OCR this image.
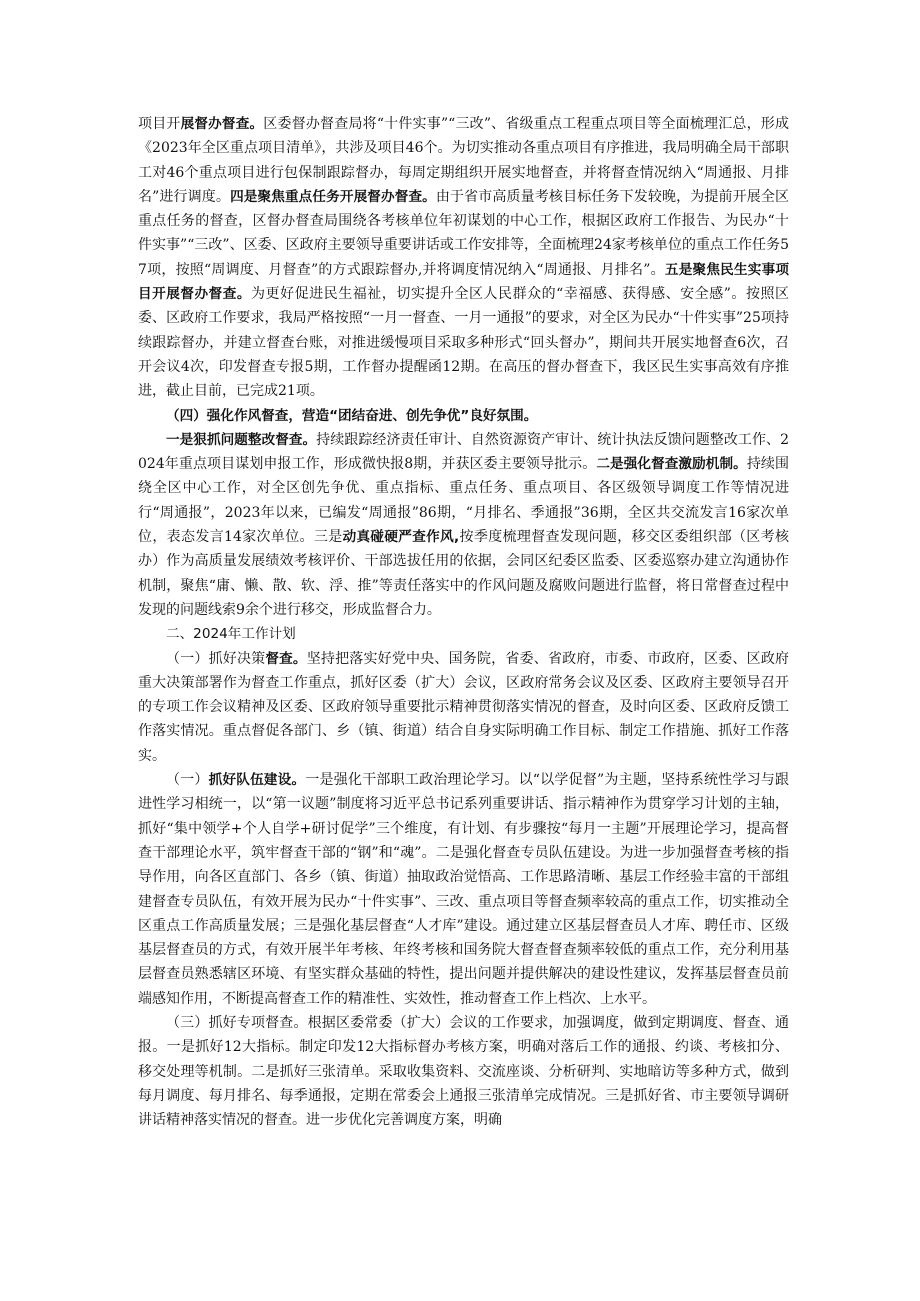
项目开展督办督查。区委督办督查局将“十件实事”“三改”、省级重点工程重点项目等全面梳理汇总，形成《2023年全区重点项目清单》，共涉及项目46个。为切实推动各重点项目有序推进，我局明确全局干部职工对46个重点项目进行包保制跟踪督办，每周定期组织开展实地督查，并将督查情况纳入“周通报、月排名”进行调度。四是聚焦重点任务开展督办督查。由于省市高质量考核目标任务下发较晚，为提前开展全区重点任务的督查，区督办督查局围绕各考核单位年初谋划的中心工作，根据区政府工作报告、为民办“十件实事”“三改”、区委、区政府主要领导重要讲话或工作安排等，全面梳理24家考核单位的重点工作任务57项，按照“周调度、月督查”的方式跟踪督办,并将调度情况纳入“周通报、月排名”。五是聚焦民生实事项目开展督办督查。为更好促进民生福祉，切实提升全区人民群众的“幸福感、获得感、安全感”。按照区委、区政府工作要求，我局严格按照“一月一督查、一月一通报”的要求，对全区为民办“十件实事”25项持续跟踪督办，并建立督查台账，对推进缓慢项目采取多种形式“回头督办”，期间共开展实地督查6次，召开会议4次，印发督查专报5期，工作督办提醒函12期。在高压的督办督查下，我区民生实事高效有序推进，截止目前，已完成21项。

（四）强化作风督查，营造“团结奋进、创先争优”良好氛围。

一是狠抓问题整改督查。持续跟踪经济责任审计、自然资源资产审计、统计执法反馈问题整改工作、2024年重点项目谋划申报工作，形成微快报8期，并获区委主要领导批示。二是强化督查激励机制。持续围绕全区中心工作，对全区创先争优、重点指标、重点任务、重点项目、各区级领导调度工作等情况进行“周通报”，2023年以来，已编发“周通报”86期，“月排名、季通报”36期，全区共交流发言16家次单位，表态发言14家次单位。三是动真碰硬严查作风,按季度梳理督查发现问题，移交区委组织部（区考核办）作为高质量发展绩效考核评价、干部选拔任用的依据，会同区纪委区监委、区委巡察办建立沟通协作机制，聚焦“庸、懒、散、软、浮、推”等责任落实中的作风问题及腐败问题进行监督，将日常督查过程中发现的问题线索9余个进行移交，形成监督合力。

二、2024年工作计划

（一）抓好决策督查。坚持把落实好党中央、国务院，省委、省政府，市委、市政府，区委、区政府重大决策部署作为督查工作重点，抓好区委（扩大）会议，区政府常务会议及区委、区政府主要领导召开的专项工作会议精神及区委、区政府领导重要批示精神贯彻落实情况的督查，及时向区委、区政府反馈工作落实情况。重点督促各部门、乡（镇、街道）结合自身实际明确工作目标、制定工作措施、抓好工作落实。

（一）抓好队伍建设。一是强化干部职工政治理论学习。以“以学促督”为主题，坚持系统性学习与跟进性学习相统一，以“第一议题”制度将习近平总书记系列重要讲话、指示精神作为贯穿学习计划的主轴，抓好“集中领学+个人自学+研讨促学”三个维度，有计划、有步骤按“每月一主题”开展理论学习，提高督查干部理论水平，筑牢督查干部的“钢”和“魂”。二是强化督查专员队伍建设。为进一步加强督查考核的指导作用，向各区直部门、各乡（镇、街道）抽取政治觉悟高、工作思路清晰、基层工作经验丰富的干部组建督查专员队伍，有效开展为民办“十件实事”、三改、重点项目等督查频率较高的重点工作，切实推动全区重点工作高质量发展；三是强化基层督查“人才库”建设。通过建立区基层督查员人才库、聘任市、区级基层督查员的方式，有效开展半年考核、年终考核和国务院大督查督查频率较低的重点工作，充分利用基层督查员熟悉辖区环境、有坚实群众基础的特性，提出问题并提供解决的建设性建议，发挥基层督查员前端感知作用，不断提高督查工作的精准性、实效性，推动督查工作上档次、上水平。

（三）抓好专项督查。根据区委常委（扩大）会议的工作要求，加强调度，做到定期调度、督查、通报。一是抓好12大指标。制定印发12大指标督办考核方案，明确对落后工作的通报、约谈、考核扣分、移交处理等机制。二是抓好三张清单。采取收集资料、交流座谈、分析研判、实地暗访等多种方式，做到每月调度、每月排名、每季通报，定期在常委会上通报三张清单完成情况。三是抓好省、市主要领导调研讲话精神落实情况的督查。进一步优化完善调度方案，明确
